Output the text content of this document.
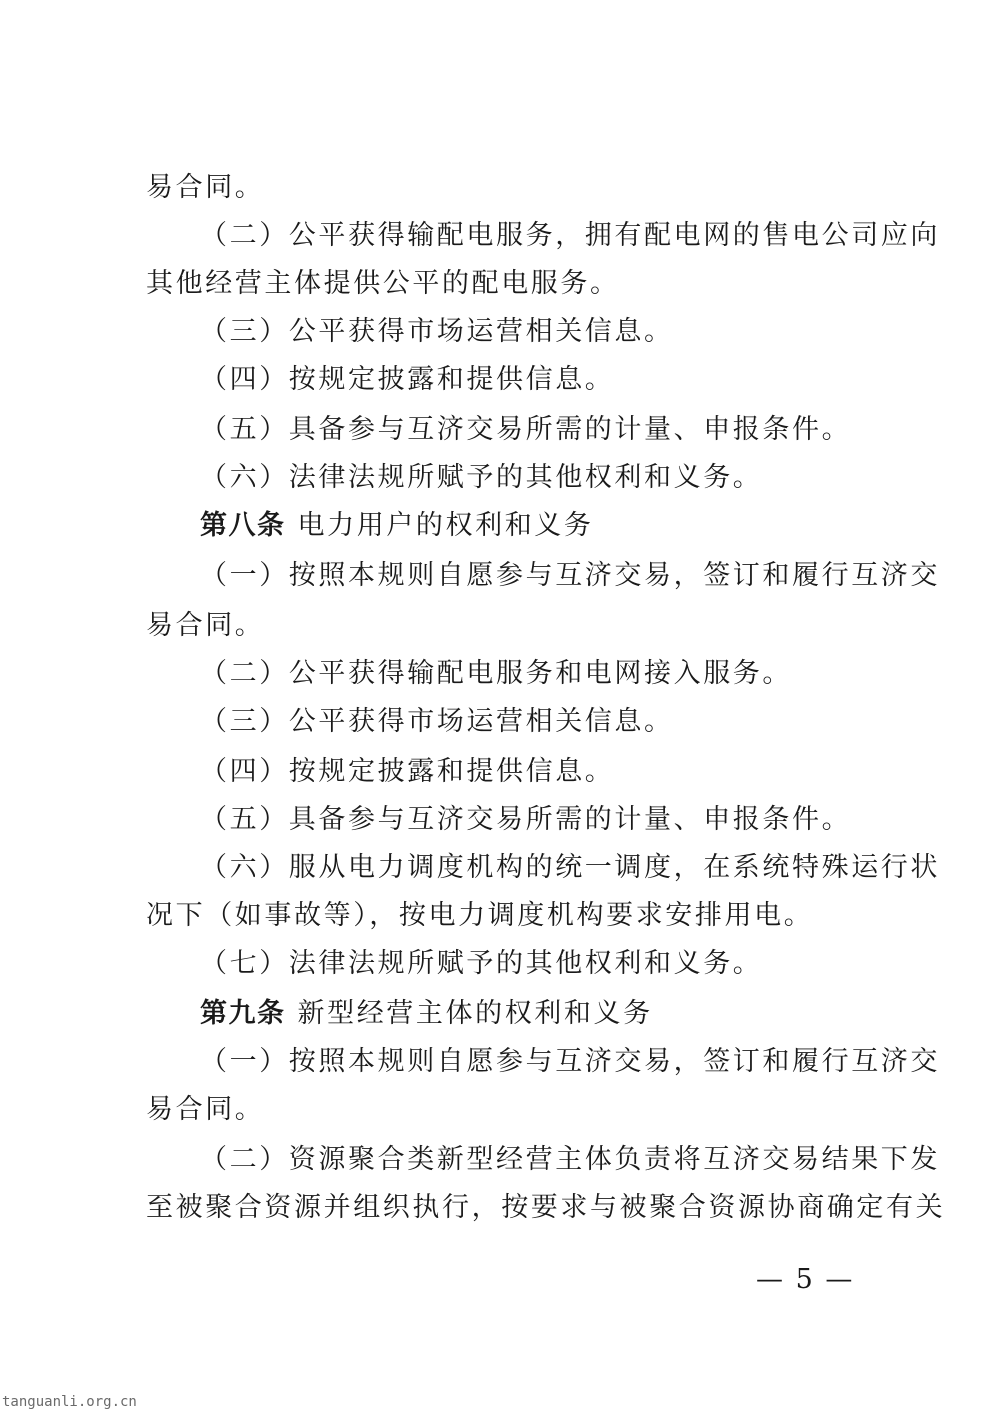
易合同。
（二）公平获得输配电服务，拥有配电网的售电公司应向
其他经营主体提供公平的配电服务。
（三）公平获得市场运营相关信息。
（四）按规定披露和提供信息。
（五）具备参与互济交易所需的计量、申报条件。
（六）法律法规所赋予的其他权利和义务。
第八条 电力用户的权利和义务
（一）按照本规则自愿参与互济交易，签订和履行互济交
易合同。
（二）公平获得输配电服务和电网接入服务。
（三）公平获得市场运营相关信息。
（四）按规定披露和提供信息。
（五）具备参与互济交易所需的计量、申报条件。
（六）服从电力调度机构的统一调度，在系统特殊运行状
况下（如事故等），按电力调度机构要求安排用电。
（七）法律法规所赋予的其他权利和义务。
第九条 新型经营主体的权利和义务
（一）按照本规则自愿参与互济交易，签订和履行互济交
易合同。
（二）资源聚合类新型经营主体负责将互济交易结果下发
至被聚合资源并组织执行，按要求与被聚合资源协商确定有关
— 5 —
tanguanli.org.cn
